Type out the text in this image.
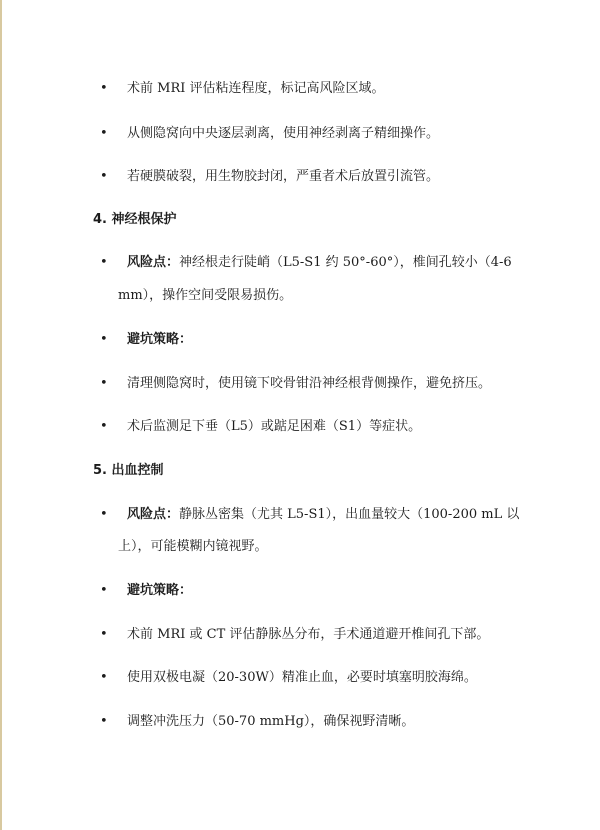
• 术前 MRI 评估粘连程度，标记高风险区域。
• 从侧隐窝向中央逐层剥离，使用神经剥离子精细操作。
• 若硬膜破裂，用生物胶封闭，严重者术后放置引流管。
4. 神经根保护
• 风险点：神经根走行陡峭（L5-S1 约 50°-60°），椎间孔较小（4-6
mm），操作空间受限易损伤。
• 避坑策略：
• 清理侧隐窝时，使用镜下咬骨钳沿神经根背侧操作，避免挤压。
• 术后监测足下垂（L5）或踮足困难（S1）等症状。
5. 出血控制
• 风险点：静脉丛密集（尤其 L5-S1），出血量较大（100-200 mL 以
上），可能模糊内镜视野。
• 避坑策略：
• 术前 MRI 或 CT 评估静脉丛分布，手术通道避开椎间孔下部。
• 使用双极电凝（20-30W）精准止血，必要时填塞明胶海绵。
• 调整冲洗压力（50-70 mmHg），确保视野清晰。
